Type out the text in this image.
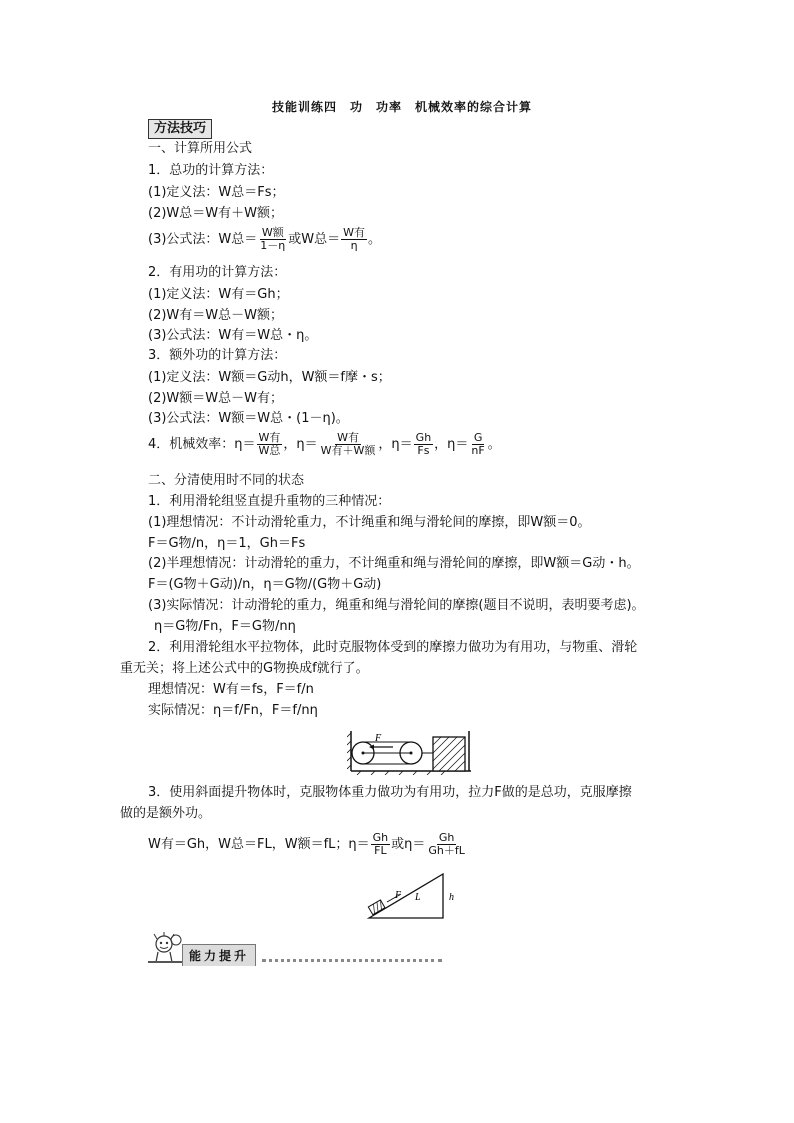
技能训练四　功　功率　机械效率的综合计算
方法技巧
一、计算所用公式
1．总功的计算方法：
(1)定义法：W总＝Fs；
(2)W总＝W有＋W额；
(3)公式法：W总＝ $\frac{\text{W额}}{1-\eta}$ 或W总＝ $\frac{\text{W有}}{\eta}$ 。
2．有用功的计算方法：
(1)定义法：W有＝Gh；
(2)W有＝W总－W额；
(3)公式法：W有＝W总・η。
3．额外功的计算方法：
(1)定义法：W额＝G动h，W额＝f摩・s；
(2)W额＝W总－W有；
(3)公式法：W额＝W总・(1－η)。
4．机械效率：$\eta= \frac{\text{W有}}{\text{W总}}$ ，$\eta= \frac{\text{W有}}{\text{W有＋W额}}$ ，$\eta= \frac{Gh}{Fs}$ ，$\eta= \frac{G}{nF}$ 。
二、分清使用时不同的状态
1．利用滑轮组竖直提升重物的三种情况：
(1)理想情况：不计动滑轮重力，不计绳重和绳与滑轮间的摩擦，即W额＝0。
F＝G物/n，η＝1，Gh＝Fs
(2)半理想情况：计动滑轮的重力，不计绳重和绳与滑轮间的摩擦，即W额＝G动・h。
F＝(G物＋G动)/n，η＝G物/(G物＋G动)
(3)实际情况：计动滑轮的重力，绳重和绳与滑轮间的摩擦(题目不说明，表明要考虑)。
η＝G物/Fn，F＝G物/nη
2．利用滑轮组水平拉物体，此时克服物体受到的摩擦力做功为有用功，与物重、滑轮
重无关；将上述公式中的G物换成f就行了。
理想情况：W有＝fs，F＝f/n
实际情况：η＝f/Fn，F＝f/nη
F
3．使用斜面提升物体时，克服物体重力做功为有用功，拉力F做的是总功，克服摩擦
做的是额外功。
W有＝Gh，W总＝FL，W额＝fL；$\eta= \frac{Gh}{FL}$ 或$\eta= \frac{Gh}{Gh+fL}$
F L	h
能力提升
